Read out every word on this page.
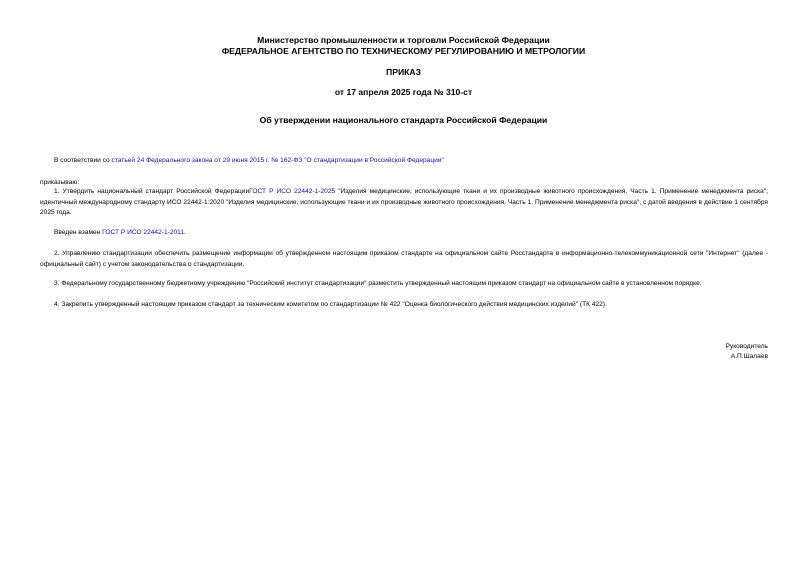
Министерство промышленности и торговли Российской Федерации
ФЕДЕРАЛЬНОЕ АГЕНТСТВО ПО ТЕХНИЧЕСКОМУ РЕГУЛИРОВАНИЮ И МЕТРОЛОГИИ
ПРИКАЗ
от 17 апреля 2025 года № 310-ст
Об утверждении национального стандарта Российской Федерации
В соответствии со статьей 24 Федерального закона от 29 июня 2015 г. № 162-ФЗ "О стандартизации в Российской Федерации"
приказываю:
1. Утвердить национальный стандарт Российской ФедерацииГОСТ Р ИСО 22442-1-2025 "Изделия медицинские, использующие ткани и их производные животного происхождения. Часть 1. Применение менеджмента риска", идентичный международному стандарту ИСО 22442-1:2020 "Изделия медицинские, использующие ткани и их производные животного происхождения. Часть 1. Применение менеджмента риска", с датой введения в действие 1 сентября 2025 года.
Введен взамен ГОСТ Р ИСО 22442-1-2011.
2. Управлению стандартизации обеспечить размещение информации об утвержденном настоящим приказом стандарте на официальном сайте Росстандарта в информационно-телекоммуникационной сети "Интернет" (далее - официальный сайт) с учетом законодательства о стандартизации.
3. Федеральному государственному бюджетному учреждению "Российский институт стандартизации" разместить утвержденный настоящим приказом стандарт на официальном сайте в установленном порядке.
4. Закрепить утвержденный настоящим приказом стандарт за техническим комитетом по стандартизации № 422 "Оценка биологического действия медицинских изделий" (ТК 422).
Руководитель
А.П.Шалаев
